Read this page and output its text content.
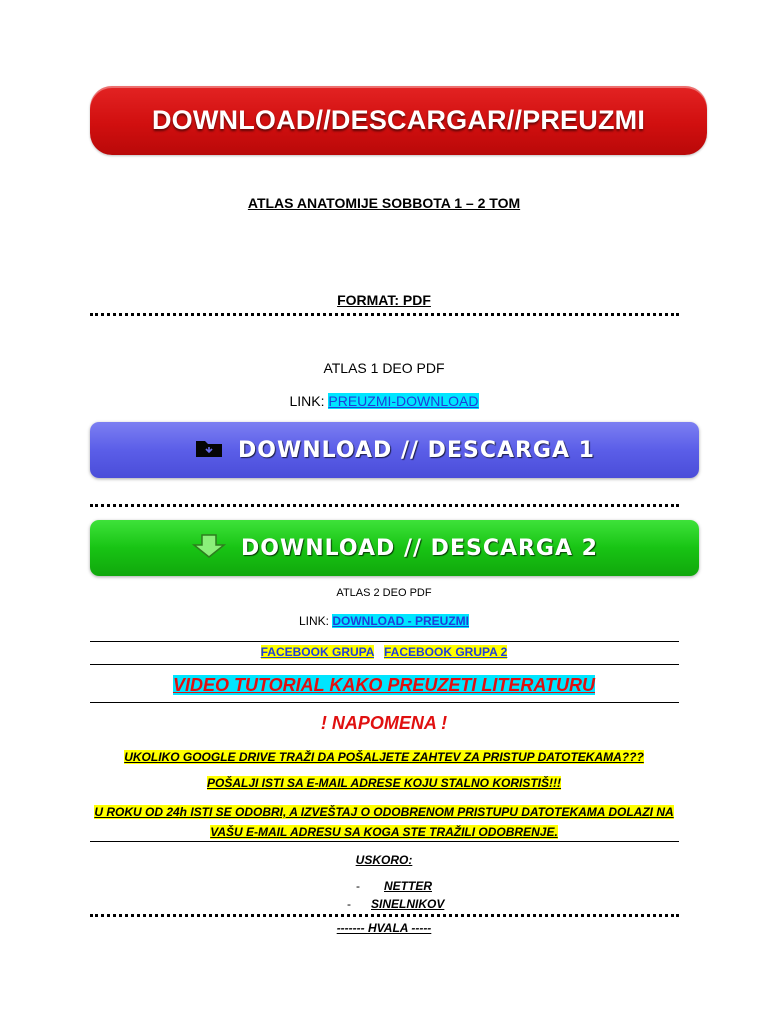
DOWNLOAD//DESCARGAR//PREUZMI
ATLAS ANATOMIJE SOBBOTA 1 – 2 TOM
FORMAT: PDF
ATLAS 1 DEO PDF
LINK: PREUZMI-DOWNLOAD
DOWNLOAD // DESCARGA 1
DOWNLOAD // DESCARGA 2
ATLAS 2 DEO PDF
LINK: DOWNLOAD - PREUZMI
FACEBOOK GRUPA FACEBOOK GRUPA 2
VIDEO TUTORIAL KAKO PREUZETI LITERATURU
! NAPOMENA !
UKOLIKO GOOGLE DRIVE TRAŽI DA POŠALJETE ZAHTEV ZA PRISTUP DATOTEKAMA???
POŠALJI ISTI SA E-MAIL ADRESE KOJU STALNO KORISTIŠ!!!
U ROKU OD 24h ISTI SE ODOBRI, A IZVEŠTAJ O ODOBRENOM PRISTUPU DATOTEKAMA DOLAZI NA
VAŠU E-MAIL ADRESU SA KOGA STE TRAŽILI ODOBRENJE.
USKORO:
- NETTER
- SINELNIKOV
------- HVALA -----
